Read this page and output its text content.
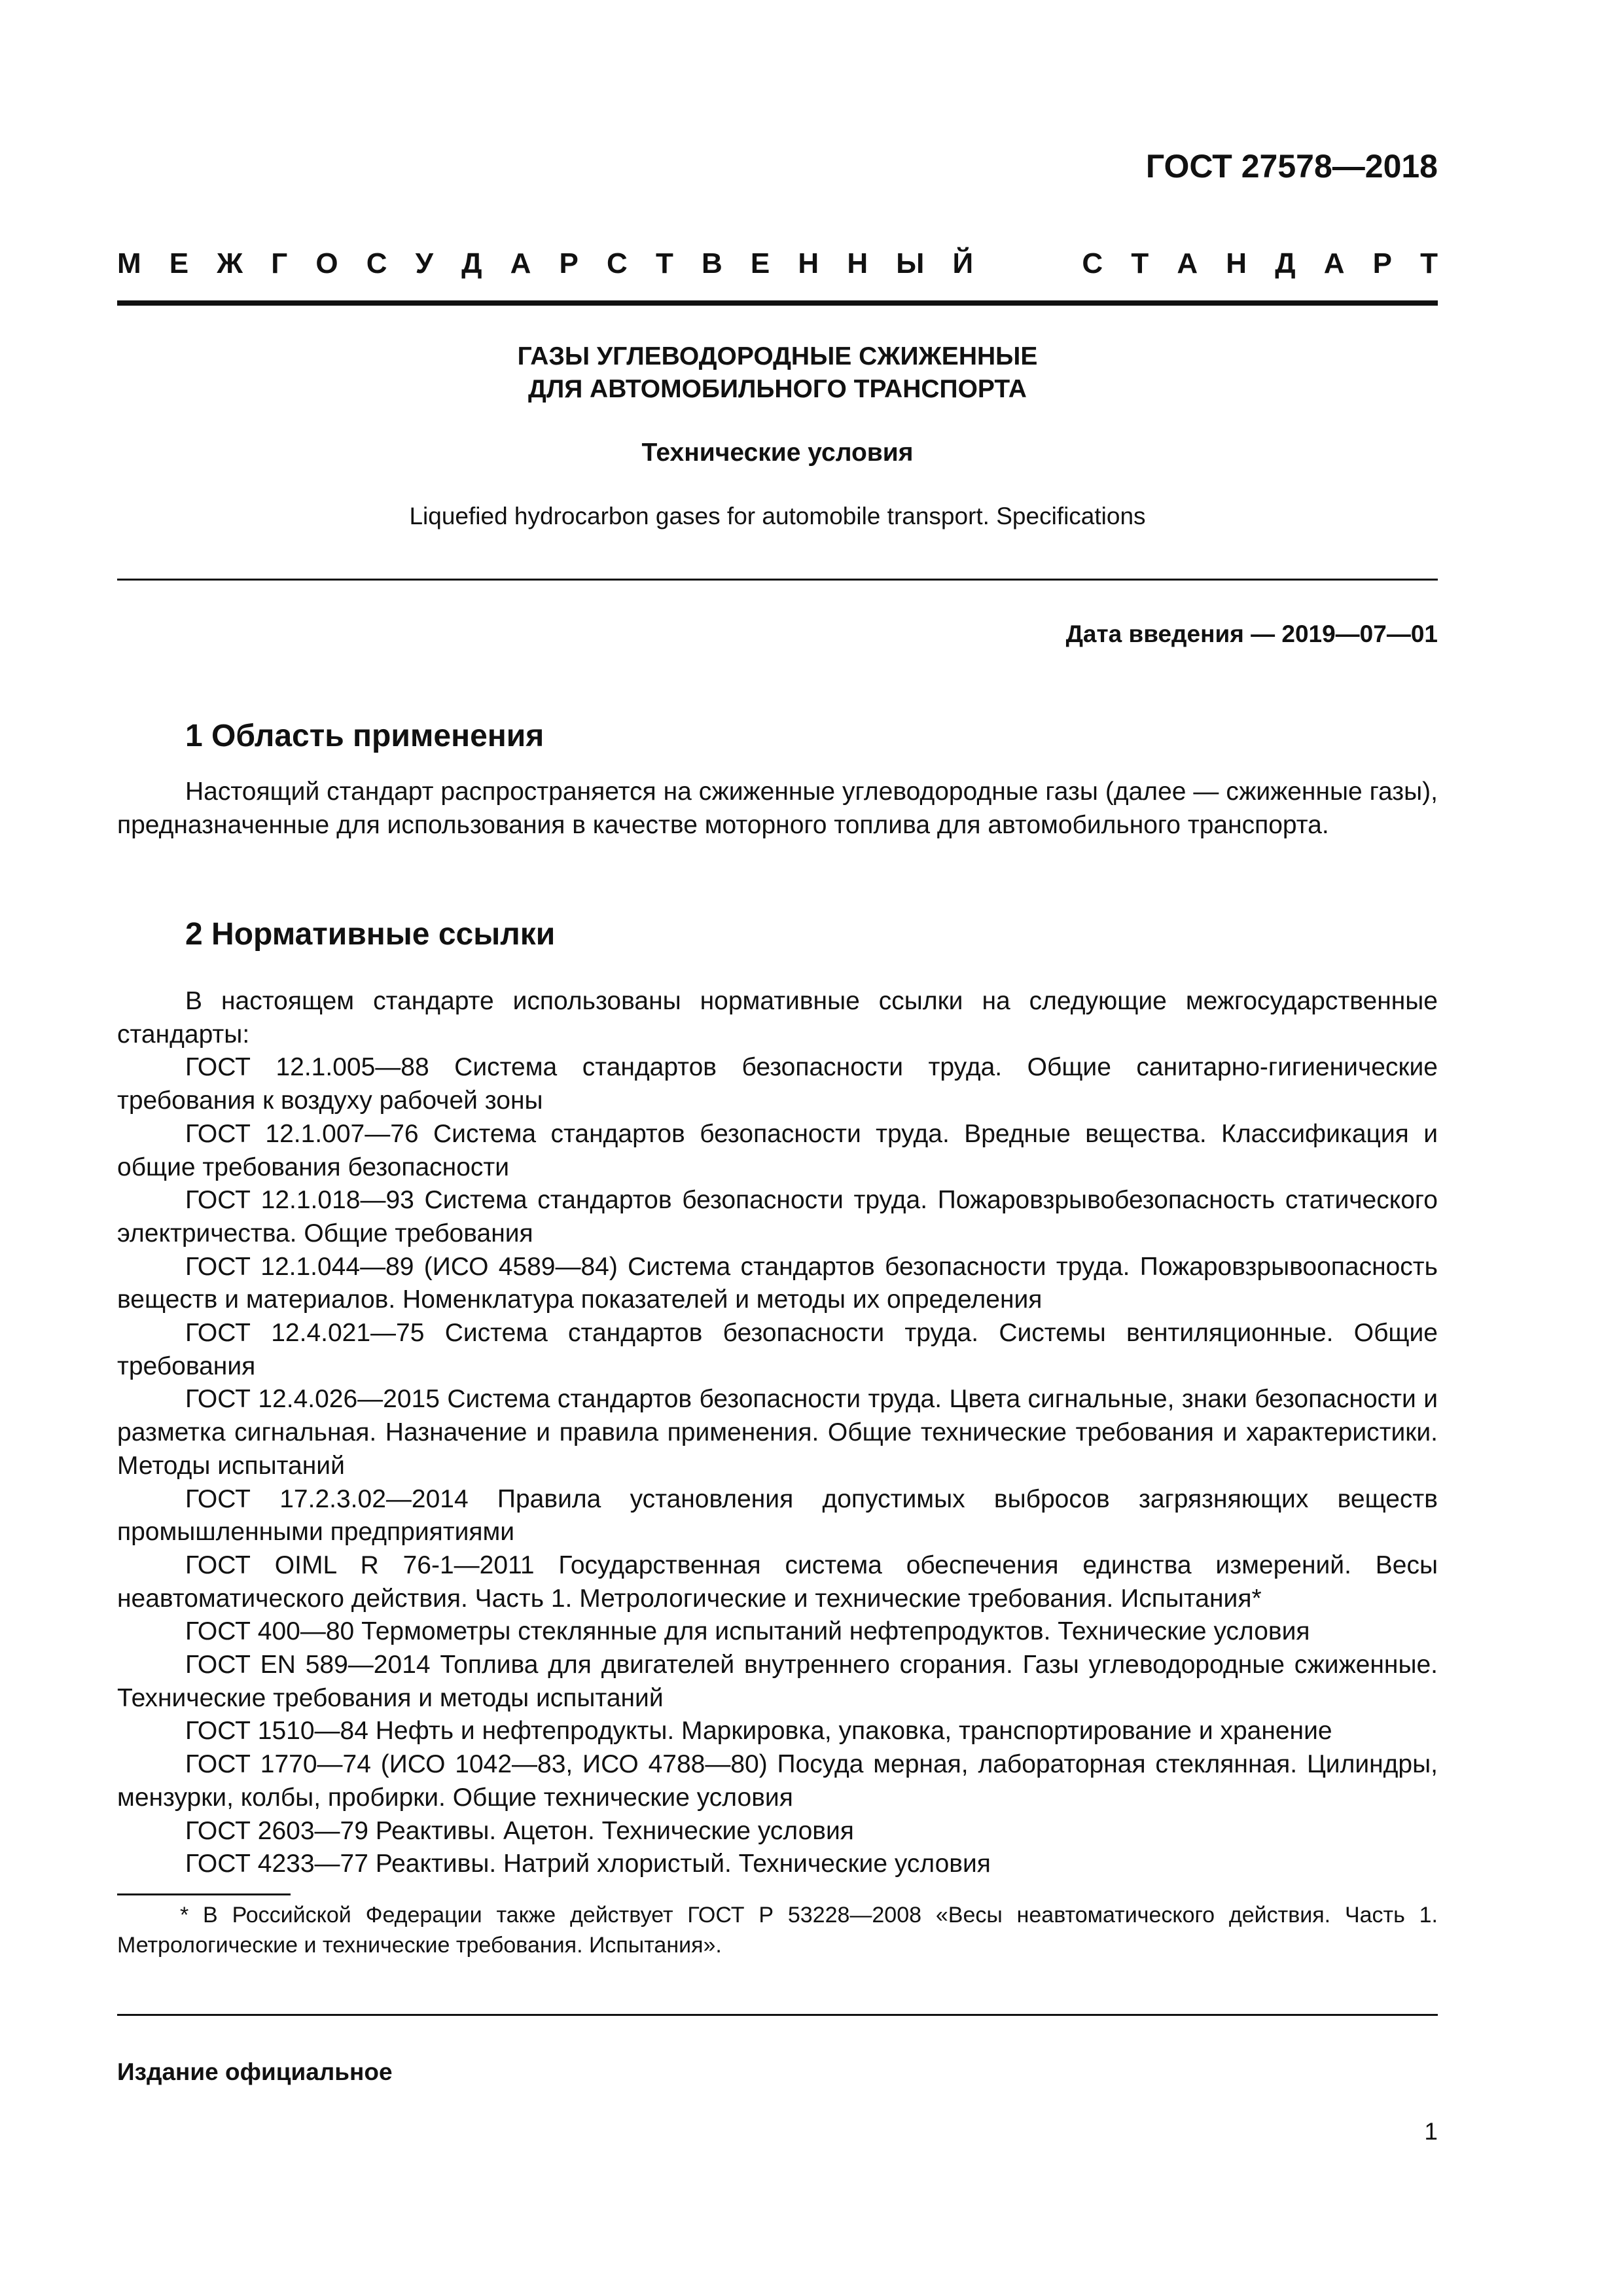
ГОСТ 27578—2018
М Е Ж Г О С У Д А Р С Т В Е Н Н Ы Й	С Т А Н Д А Р Т
ГАЗЫ УГЛЕВОДОРОДНЫЕ СЖИЖЕННЫЕ
ДЛЯ АВТОМОБИЛЬНОГО ТРАНСПОРТА
Технические условия
Liquefied hydrocarbon gases for automobile transport. Specifications
Дата введения — 2019—07—01
1 Область применения
Настоящий стандарт распространяется на сжиженные углеводородные газы (далее — сжиженные газы), предназначенные для использования в качестве моторного топлива для автомобильного транспорта.
2 Нормативные ссылки

В настоящем стандарте использованы нормативные ссылки на следующие межгосударственные стандарты:

ГОСТ 12.1.005—88 Система стандартов безопасности труда. Общие санитарно-гигиенические требования к воздуху рабочей зоны

ГОСТ 12.1.007—76 Система стандартов безопасности труда. Вредные вещества. Классификация и общие требования безопасности

ГОСТ 12.1.018—93 Система стандартов безопасности труда. Пожаровзрывобезопасность статического электричества. Общие требования

ГОСТ 12.1.044—89 (ИСО 4589—84) Система стандартов безопасности труда. Пожаровзрывоопасность веществ и материалов. Номенклатура показателей и методы их определения

ГОСТ 12.4.021—75 Система стандартов безопасности труда. Системы вентиляционные. Общие требования

ГОСТ 12.4.026—2015 Система стандартов безопасности труда. Цвета сигнальные, знаки безопасности и разметка сигнальная. Назначение и правила применения. Общие технические требования и характеристики. Методы испытаний

ГОСТ 17.2.3.02—2014 Правила установления допустимых выбросов загрязняющих веществ промышленными предприятиями

ГОСТ OIML R 76-1—2011 Государственная система обеспечения единства измерений. Весы неавтоматического действия. Часть 1. Метрологические и технические требования. Испытания*

ГОСТ 400—80 Термометры стеклянные для испытаний нефтепродуктов. Технические условия

ГОСТ EN 589—2014 Топлива для двигателей внутреннего сгорания. Газы углеводородные сжиженные. Технические требования и методы испытаний

ГОСТ 1510—84 Нефть и нефтепродукты. Маркировка, упаковка, транспортирование и хранение

ГОСТ 1770—74 (ИСО 1042—83, ИСО 4788—80) Посуда мерная, лабораторная стеклянная. Цилиндры, мензурки, колбы, пробирки. Общие технические условия

ГОСТ 2603—79 Реактивы. Ацетон. Технические условия

ГОСТ 4233—77 Реактивы. Натрий хлористый. Технические условия

* В Российской Федерации также действует ГОСТ Р 53228—2008 «Весы неавтоматического действия. Часть 1. Метрологические и технические требования. Испытания».
Издание официальное
1
